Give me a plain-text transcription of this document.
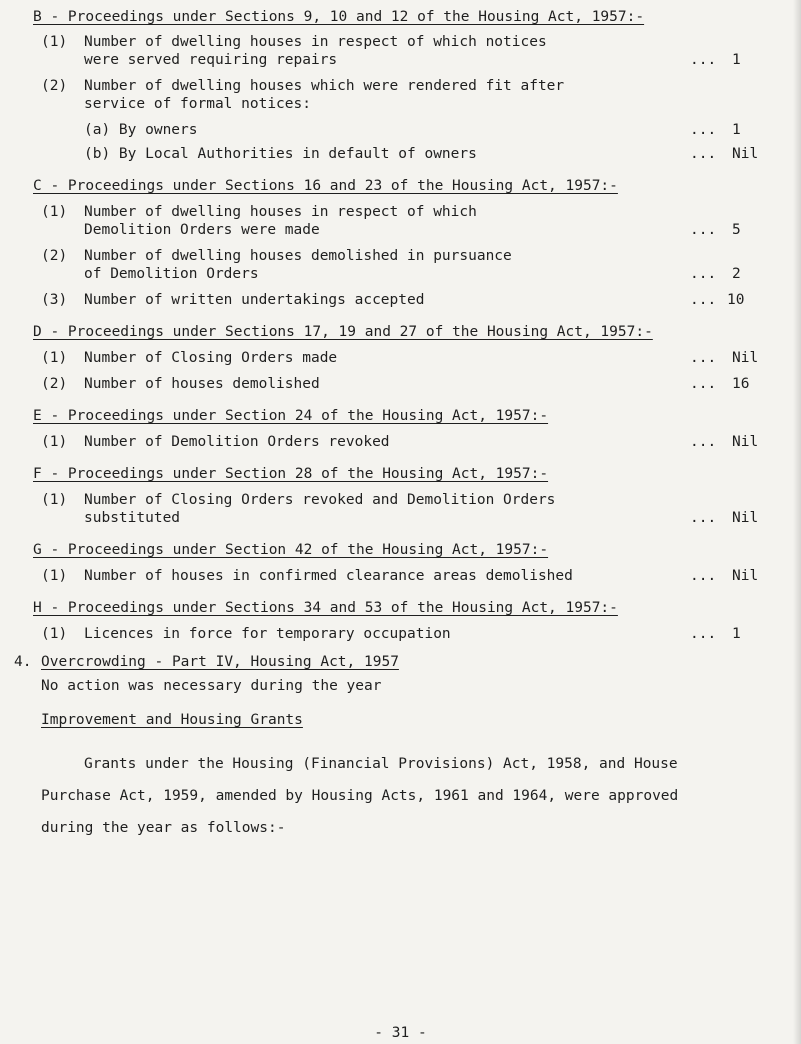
B - Proceedings under Sections 9, 10 and 12 of the Housing Act, 1957:-
(1) Number of dwelling houses in respect of which notices
were served requiring repairs	... 1
(2) Number of dwelling houses which were rendered fit after
service of formal notices:
(a) By owners	... 1
(b) By Local Authorities in default of owners	... Nil
C - Proceedings under Sections 16 and 23 of the Housing Act, 1957:-
(1) Number of dwelling houses in respect of which
Demolition Orders were made	... 5
(2) Number of dwelling houses demolished in pursuance
of Demolition Orders	... 2
(3) Number of written undertakings accepted	... 10
D - Proceedings under Sections 17, 19 and 27 of the Housing Act, 1957:-
(1) Number of Closing Orders made	... Nil
(2) Number of houses demolished	... 16
E - Proceedings under Section 24 of the Housing Act, 1957:-
(1) Number of Demolition Orders revoked	... Nil
F - Proceedings under Section 28 of the Housing Act, 1957:-
(1) Number of Closing Orders revoked and Demolition Orders
substituted	... Nil
G - Proceedings under Section 42 of the Housing Act, 1957:-
(1) Number of houses in confirmed clearance areas demolished	... Nil
H - Proceedings under Sections 34 and 53 of the Housing Act, 1957:-
(1) Licences in force for temporary occupation	... 1
4. Overcrowding - Part IV, Housing Act, 1957
No action was necessary during the year
Improvement and Housing Grants
Grants under the Housing (Financial Provisions) Act, 1958, and House
Purchase Act, 1959, amended by Housing Acts, 1961 and 1964, were approved
during the year as follows:-
- 31 -
